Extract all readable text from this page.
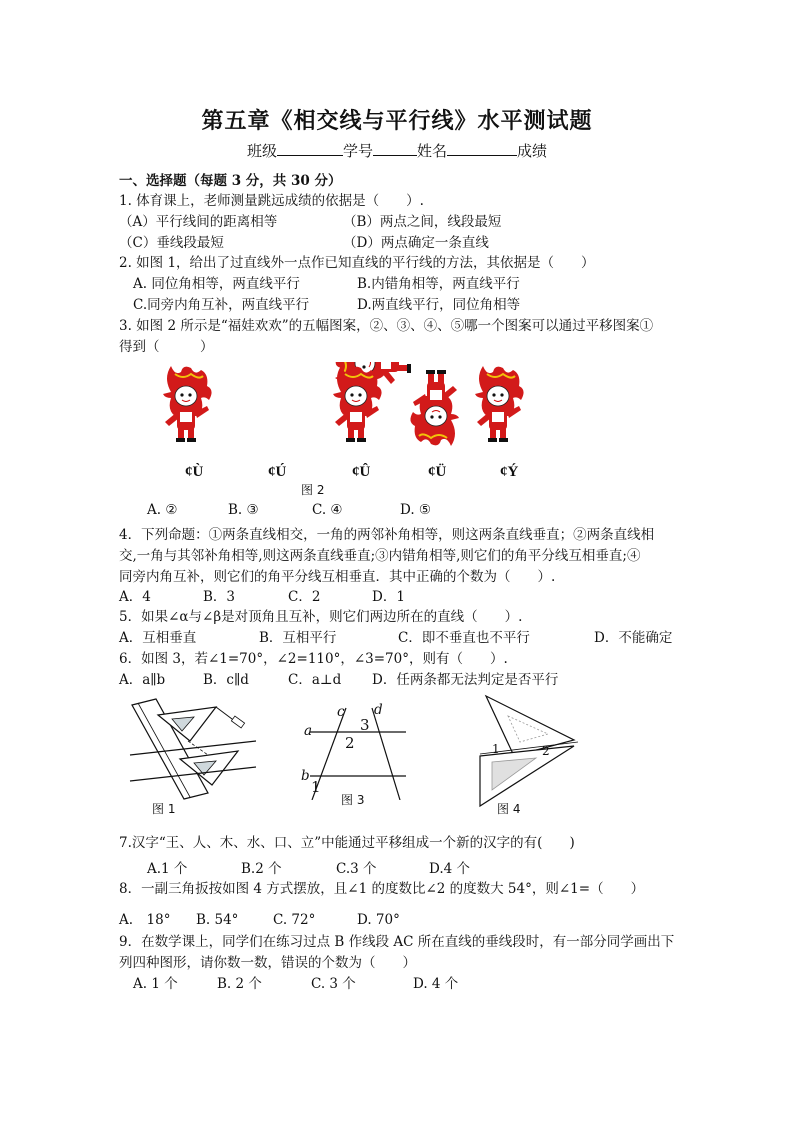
第五章《相交线与平行线》水平测试题
班级	学号	姓名	成绩
一、选择题（每题 3 分，共 30 分）
1. 体育课上，老师测量跳远成绩的依据是（　　）.
（A）平行线间的距离相等	（B）两点之间，线段最短
（C）垂线段最短	（D）两点确定一条直线
2. 如图 1，给出了过直线外一点作已知直线的平行线的方法，其依据是（　　）
A. 同位角相等，两直线平行	B.内错角相等，两直线平行
C.同旁内角互补，两直线平行	D.两直线平行，同位角相等
3. 如图 2 所示是“福娃欢欢”的五幅图案，②、③、④、⑤哪一个图案可以通过平移图案①
得到（　　　）
¢Ù	¢Ú	¢Û	¢Ü	¢Ý
图 2
A. ②	B. ③	C. ④	D. ⑤
4．下列命题：①两条直线相交，一角的两邻补角相等，则这两条直线垂直；②两条直线相
交,一角与其邻补角相等,则这两条直线垂直;③内错角相等,则它们的角平分线互相垂直;④
同旁内角互补，则它们的角平分线互相垂直．其中正确的个数为（　　）.
A．4	B．3	C．2	D．1
5．如果∠α与∠β是对顶角且互补，则它们两边所在的直线（　　）.
A．互相垂直	B．互相平行	C．即不垂直也不平行	D．不能确定
6．如图 3，若∠1=70°，∠2=110°，∠3=70°，则有（　　）.
A．a∥b	B．c∥d	C．a⊥d D．任两条都无法判定是否平行
图 1
a
b
c d
3
2
1
图 3
1	2
图 4
7.汉字“王、人、木、水、口、立”中能通过平移组成一个新的汉字的有(　　)
A.1 个	B.2 个	C.3 个	D.4 个
8．一副三角扳按如图 4 方式摆放，且∠1 的度数比∠2 的度数大 54°，则∠1=（　　）
A.　18° B. 54°	C. 72°	D. 70°
9．在数学课上，同学们在练习过点 B 作线段 AC 所在直线的垂线段时，有一部分同学画出下
列四种图形，请你数一数，错误的个数为（　　）
A. 1 个	B. 2 个	C. 3 个	D. 4 个
